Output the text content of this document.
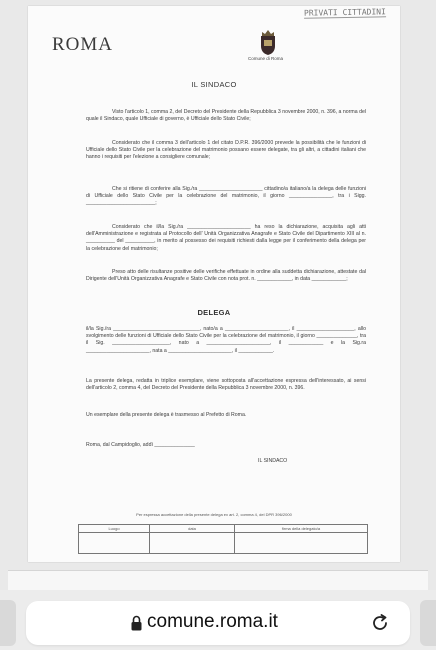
PRIVATI CITTADINI
ROMA
Comune di Roma
IL SINDACO

Visto l'articolo 1, comma 2, del Decreto del Presidente della Repubblica 3 novembre 2000, n. 396, a norma del quale il Sindaco, quale Ufficiale di governo, è Ufficiale dello Stato Civile;

Considerato che il comma 3 dell'articolo 1 del citato D.P.R. 396/2000 prevede la possibilità che le funzioni di Ufficiale dello Stato Civile per la celebrazione del matrimonio possano essere delegate, tra gli altri, a cittadini italiani che hanno i requisiti per l'elezione a consigliere comunale;

Che si ritiene di conferire alla Sig./ra ______________________ cittadino/a italiano/a la delega delle funzioni di Ufficiale dello Stato Civile per la celebrazione del matrimonio, il giorno _______________, tra i Sigg. ________________________;

Considerato che il/la Sig./ra ______________________ ha reso la dichiarazione, acquisita agli atti dell'Amministrazione e registrata al Protocollo dell' Unità Organizzativa Anagrafe e Stato Civile del Dipartimento XIII al n. __________ del __________, in merito al possesso dei requisiti richiesti dalla legge per il conferimento della delega per la celebrazione del matrimonio;

Preso atto delle risultanze positive delle verifiche effettuate in ordine alla suddetta dichiarazione, attestate dal Dirigente dell'Unità Organizzativa Anagrafe e Stato Civile con nota prot. n. ____________, in data ____________;

DELEGA

il/la Sig./ra ______________________________, nato/a a ______________________, il ____________________, allo svolgimento delle funzioni di Ufficiale dello Stato Civile per la celebrazione del matrimonio, il giorno ______________, tra il Sig. ____________________, nato a ______________________, il ____________ e la Sig.ra ______________________, nata a ______________________, il ____________.

La presente delega, redatta in triplice esemplare, viene sottoposta all'accettazione espressa dell'interessato, ai sensi dell'articolo 2, comma 4, del Decreto del Presidente della Repubblica 3 novembre 2000, n. 396.

Un esemplare della presente delega è trasmesso al Prefetto di Roma.

Roma, dal Campidoglio, addì ______________
IL SINDACO
Per espressa accettazione della presente delega ex art. 2, comma 4, del DPR 396/2000
Luogo	data	firma della delegato/a

comune.roma.it
